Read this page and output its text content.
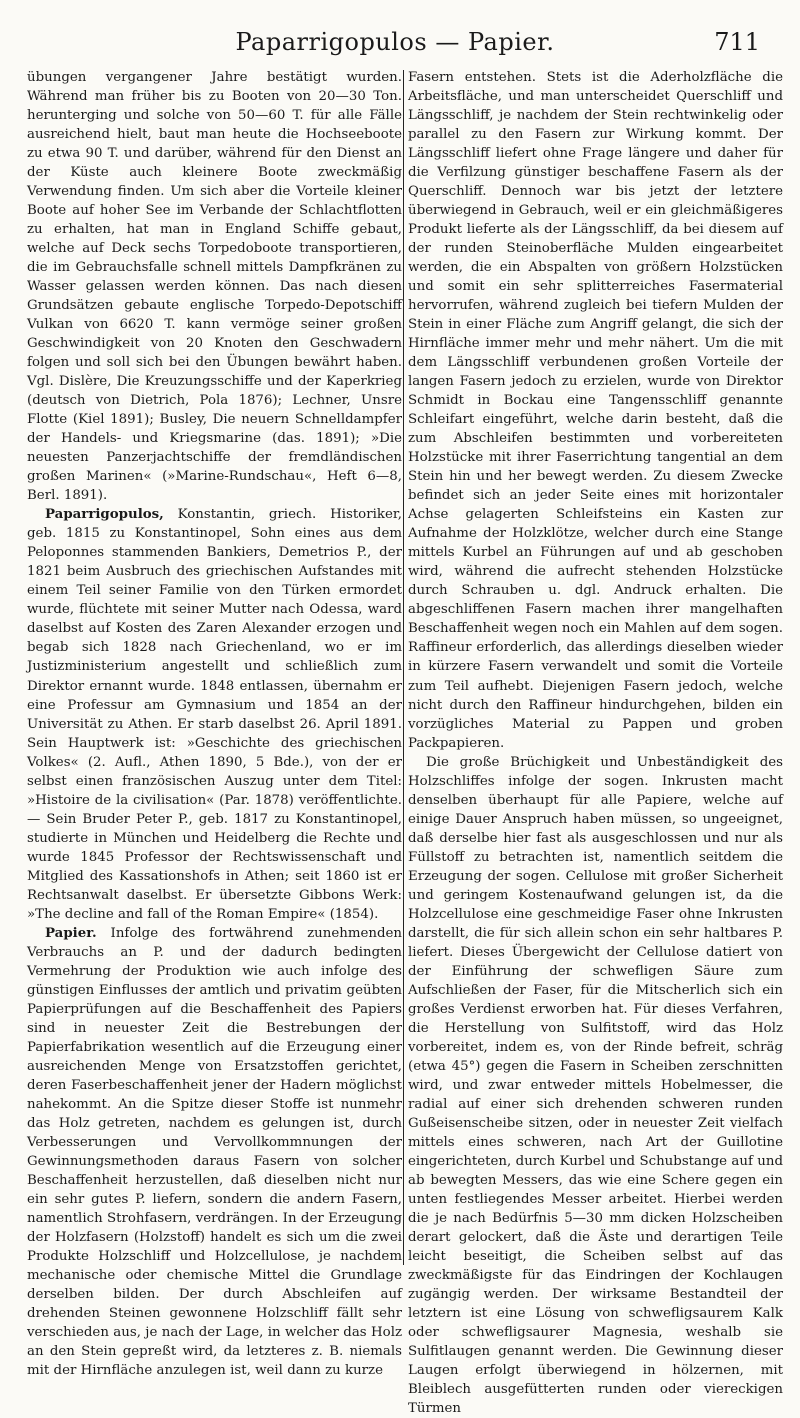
Paparrigopulos — Papier.	711

übungen vergangener Jahre bestätigt wurden. Während man früher bis zu Booten von 20—30 Ton. herunterging und solche von 50—60 T. für alle Fälle ausreichend hielt, baut man heute die Hochseeboote zu etwa 90 T. und darüber, während für den Dienst an der Küste auch kleinere Boote zweckmäßig Verwendung finden. Um sich aber die Vorteile kleiner Boote auf hoher See im Verbande der Schlachtflotten zu erhalten, hat man in England Schiffe gebaut, welche auf Deck sechs Torpedoboote transportieren, die im Gebrauchsfalle schnell mittels Dampfkränen zu Wasser gelassen werden können. Das nach diesen Grundsätzen gebaute englische Torpedo-Depotschiff Vulkan von 6620 T. kann vermöge seiner großen Geschwindigkeit von 20 Knoten den Geschwadern folgen und soll sich bei den Übungen bewährt haben. Vgl. Dislère, Die Kreuzungsschiffe und der Kaperkrieg (deutsch von Dietrich, Pola 1876); Lechner, Unsre Flotte (Kiel 1891); Busley, Die neuern Schnelldampfer der Handels- und Kriegsmarine (das. 1891); »Die neuesten Panzerjachtschiffe der fremdländischen großen Marinen« (»Marine-Rundschau«, Heft 6—8, Berl. 1891).

Paparrigopulos, Konstantin, griech. Historiker, geb. 1815 zu Konstantinopel, Sohn eines aus dem Peloponnes stammenden Bankiers, Demetrios P., der 1821 beim Ausbruch des griechischen Aufstandes mit einem Teil seiner Familie von den Türken ermordet wurde, flüchtete mit seiner Mutter nach Odessa, ward daselbst auf Kosten des Zaren Alexander erzogen und begab sich 1828 nach Griechenland, wo er im Justizministerium angestellt und schließlich zum Direktor ernannt wurde. 1848 entlassen, übernahm er eine Professur am Gymnasium und 1854 an der Universität zu Athen. Er starb daselbst 26. April 1891. Sein Hauptwerk ist: »Geschichte des griechischen Volkes« (2. Aufl., Athen 1890, 5 Bde.), von der er selbst einen französischen Auszug unter dem Titel: »Histoire de la civilisation« (Par. 1878) veröffentlichte. — Sein Bruder Peter P., geb. 1817 zu Konstantinopel, studierte in München und Heidelberg die Rechte und wurde 1845 Professor der Rechtswissenschaft und Mitglied des Kassationshofs in Athen; seit 1860 ist er Rechtsanwalt daselbst. Er übersetzte Gibbons Werk: »The decline and fall of the Roman Empire« (1854).

Papier. Infolge des fortwährend zunehmenden Verbrauchs an P. und der dadurch bedingten Vermehrung der Produktion wie auch infolge des günstigen Einflusses der amtlich und privatim geübten Papierprüfungen auf die Beschaffenheit des Papiers sind in neuester Zeit die Bestrebungen der Papierfabrikation wesentlich auf die Erzeugung einer ausreichenden Menge von Ersatzstoffen gerichtet, deren Faserbeschaffenheit jener der Hadern möglichst nahekommt. An die Spitze dieser Stoffe ist nunmehr das Holz getreten, nachdem es gelungen ist, durch Verbesserungen und Vervollkommnungen der Gewinnungsmethoden daraus Fasern von solcher Beschaffenheit herzustellen, daß dieselben nicht nur ein sehr gutes P. liefern, sondern die andern Fasern, namentlich Strohfasern, verdrängen. In der Erzeugung der Holzfasern (Holzstoff) handelt es sich um die zwei Produkte Holzschliff und Holzcellulose, je nachdem mechanische oder chemische Mittel die Grundlage derselben bilden. Der durch Abschleifen auf drehenden Steinen gewonnene Holzschliff fällt sehr verschieden aus, je nach der Lage, in welcher das Holz an den Stein gepreßt wird, da letzteres z. B. niemals mit der Hirnfläche anzulegen ist, weil dann zu kurze

Fasern entstehen. Stets ist die Aderholzfläche die Arbeitsfläche, und man unterscheidet Querschliff und Längsschliff, je nachdem der Stein rechtwinkelig oder parallel zu den Fasern zur Wirkung kommt. Der Längsschliff liefert ohne Frage längere und daher für die Verfilzung günstiger beschaffene Fasern als der Querschliff. Dennoch war bis jetzt der letztere überwiegend in Gebrauch, weil er ein gleichmäßigeres Produkt lieferte als der Längsschliff, da bei diesem auf der runden Steinoberfläche Mulden eingearbeitet werden, die ein Abspalten von größern Holzstücken und somit ein sehr splitterreiches Fasermaterial hervorrufen, während zugleich bei tiefern Mulden der Stein in einer Fläche zum Angriff gelangt, die sich der Hirnfläche immer mehr und mehr nähert. Um die mit dem Längsschliff verbundenen großen Vorteile der langen Fasern jedoch zu erzielen, wurde von Direktor Schmidt in Bockau eine Tangensschliff genannte Schleifart eingeführt, welche darin besteht, daß die zum Abschleifen bestimmten und vorbereiteten Holzstücke mit ihrer Faserrichtung tangential an dem Stein hin und her bewegt werden. Zu diesem Zwecke befindet sich an jeder Seite eines mit horizontaler Achse gelagerten Schleifsteins ein Kasten zur Aufnahme der Holzklötze, welcher durch eine Stange mittels Kurbel an Führungen auf und ab geschoben wird, während die aufrecht stehenden Holzstücke durch Schrauben u. dgl. Andruck erhalten. Die abgeschliffenen Fasern machen ihrer mangelhaften Beschaffenheit wegen noch ein Mahlen auf dem sogen. Raffineur erforderlich, das allerdings dieselben wieder in kürzere Fasern verwandelt und somit die Vorteile zum Teil aufhebt. Diejenigen Fasern jedoch, welche nicht durch den Raffineur hindurchgehen, bilden ein vorzügliches Material zu Pappen und groben Packpapieren.

Die große Brüchigkeit und Unbeständigkeit des Holzschliffes infolge der sogen. Inkrusten macht denselben überhaupt für alle Papiere, welche auf einige Dauer Anspruch haben müssen, so ungeeignet, daß derselbe hier fast als ausgeschlossen und nur als Füllstoff zu betrachten ist, namentlich seitdem die Erzeugung der sogen. Cellulose mit großer Sicherheit und geringem Kostenaufwand gelungen ist, da die Holzcellulose eine geschmeidige Faser ohne Inkrusten darstellt, die für sich allein schon ein sehr haltbares P. liefert. Dieses Übergewicht der Cellulose datiert von der Einführung der schwefligen Säure zum Aufschließen der Faser, für die Mitscherlich sich ein großes Verdienst erworben hat. Für dieses Verfahren, die Herstellung von Sulfitstoff, wird das Holz vorbereitet, indem es, von der Rinde befreit, schräg (etwa 45°) gegen die Fasern in Scheiben zerschnitten wird, und zwar entweder mittels Hobelmesser, die radial auf einer sich drehenden schweren runden Gußeisenscheibe sitzen, oder in neuester Zeit vielfach mittels eines schweren, nach Art der Guillotine eingerichteten, durch Kurbel und Schubstange auf und ab bewegten Messers, das wie eine Schere gegen ein unten festliegendes Messer arbeitet. Hierbei werden die je nach Bedürfnis 5—30 mm dicken Holzscheiben derart gelockert, daß die Äste und derartigen Teile leicht beseitigt, die Scheiben selbst auf das zweckmäßigste für das Eindringen der Kochlaugen zugängig werden. Der wirksame Bestandteil der letztern ist eine Lösung von schwefligsaurem Kalk oder schwefligsaurer Magnesia, weshalb sie Sulfitlaugen genannt werden. Die Gewinnung dieser Laugen erfolgt überwiegend in hölzernen, mit Bleiblech ausgefütterten runden oder viereckigen Türmen
